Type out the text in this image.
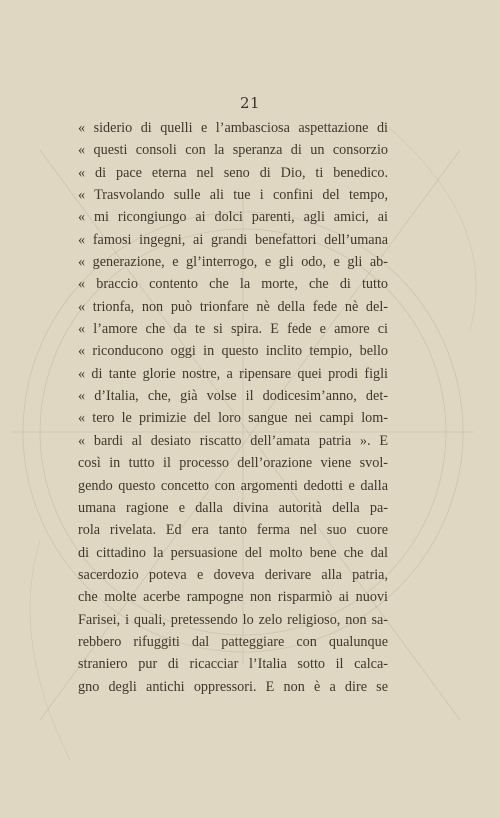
21
« siderio di quelli e l’ambasciosa aspettazione di
« questi consoli con la speranza di un consorzio
« di pace eterna nel seno di Dio, ti benedico.
« Trasvolando sulle ali tue i confini del tempo,
« mi ricongiungo ai dolci parenti, agli amici, ai
« famosi ingegni, ai grandi benefattori dell’umana
« generazione, e gl’interrogo, e gli odo, e gli ab-
« braccio contento che la morte, che di tutto
« trionfa, non può trionfare nè della fede nè del-
« l’amore che da te si spira. E fede e amore ci
« riconducono oggi in questo inclito tempio, bello
« di tante glorie nostre, a ripensare quei prodi figli
« d’Italia, che, già volse il dodicesim’anno, det-
« tero le primizie del loro sangue nei campi lom-
« bardi al desiato riscatto dell’amata patria ». E
così in tutto il processo dell’orazione viene svol-
gendo questo concetto con argomenti dedotti e dalla
umana ragione e dalla divina autorità della pa-
rola rivelata. Ed era tanto ferma nel suo cuore
di cittadino la persuasione del molto bene che dal
sacerdozio poteva e doveva derivare alla patria,
che molte acerbe rampogne non risparmiò ai nuovi
Farisei, i quali, pretessendo lo zelo religioso, non sa-
rebbero rifuggiti dal patteggiare con qualunque
straniero pur di ricacciar l’Italia sotto il calca-
gno degli antichi oppressori. E non è a dire se
